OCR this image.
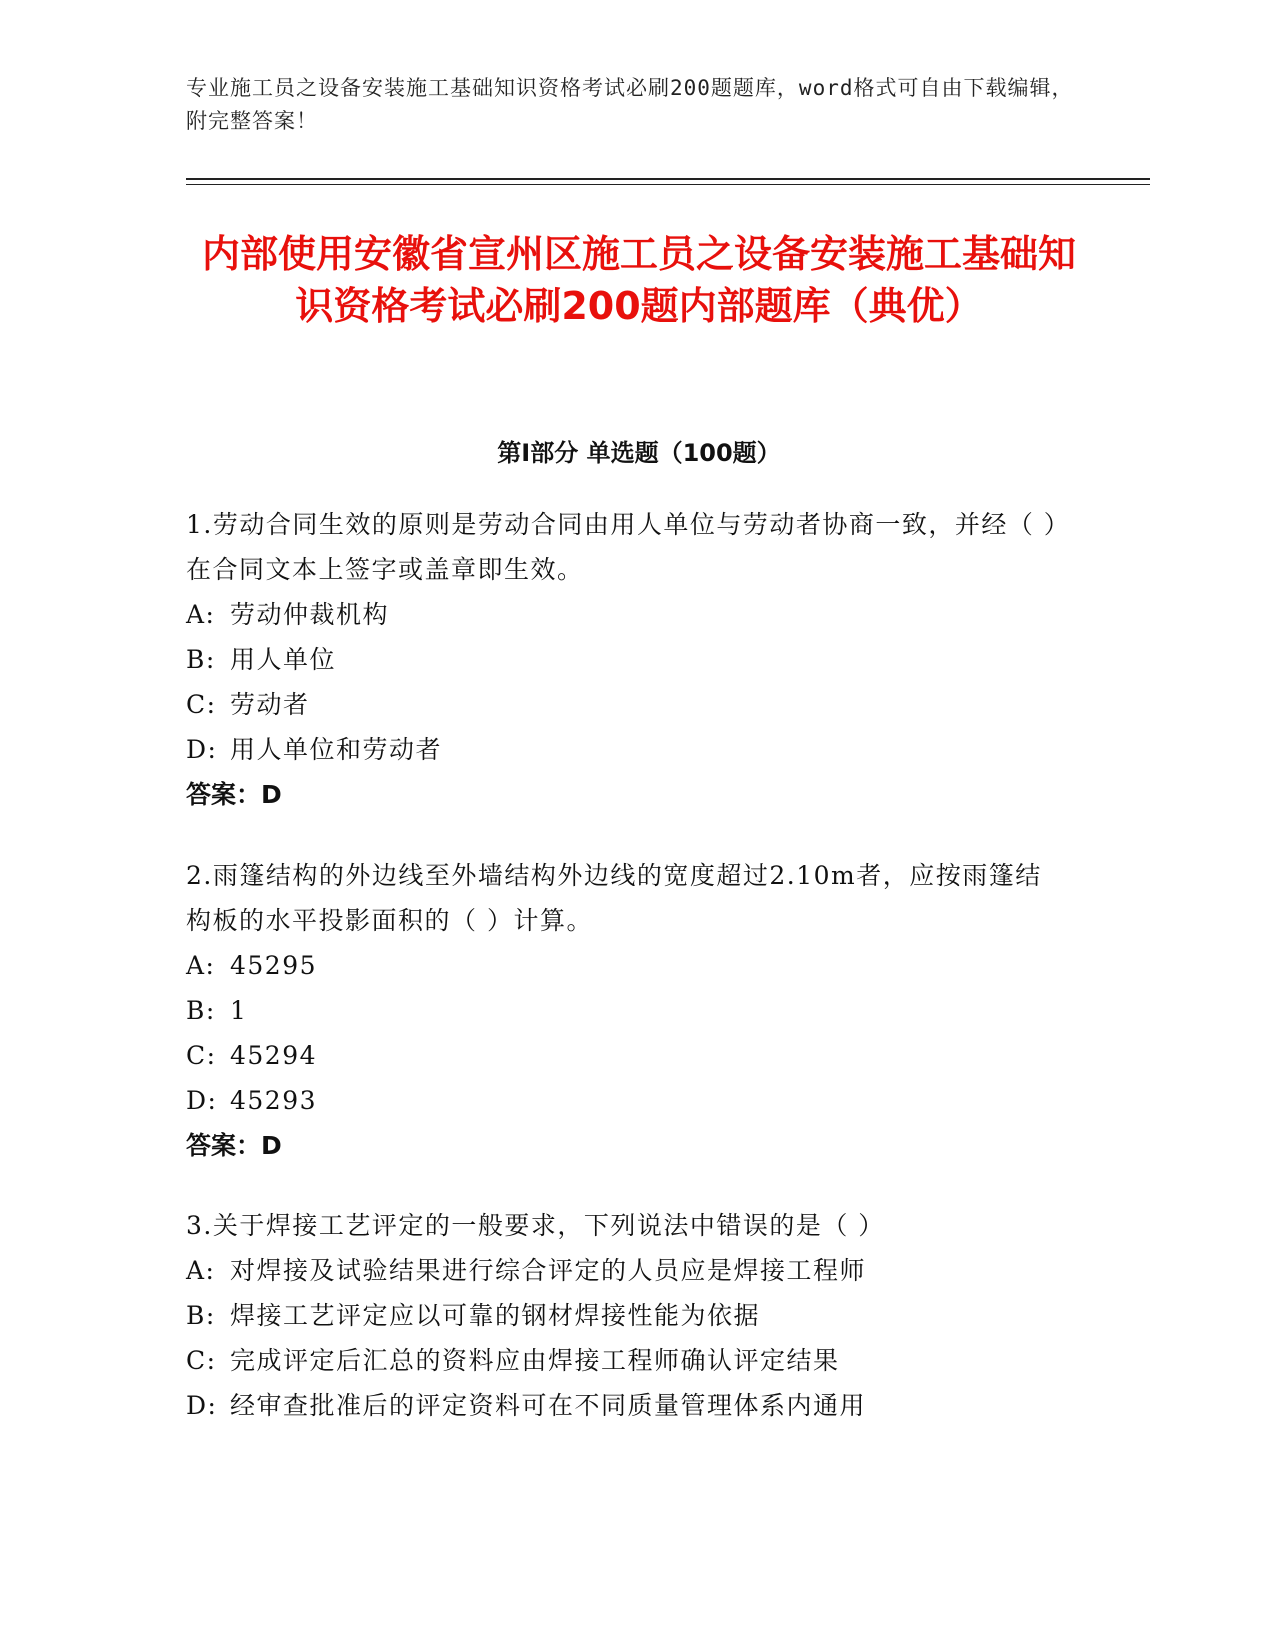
专业施工员之设备安装施工基础知识资格考试必刷200题题库，word格式可自由下载编辑，附完整答案！
内部使用安徽省宣州区施工员之设备安装施工基础知识资格考试必刷200题内部题库（典优）
第Ⅰ部分 单选题（100题）

1.劳动合同生效的原则是劳动合同由用人单位与劳动者协商一致，并经（ ）在合同文本上签字或盖章即生效。

A: 劳动仲裁机构

B: 用人单位

C: 劳动者

D: 用人单位和劳动者

答案：D

2.雨篷结构的外边线至外墙结构外边线的宽度超过2.10m者，应按雨篷结构板的水平投影面积的（ ）计算。

A: 45295

B: 1

C: 45294

D: 45293

答案：D

3.关于焊接工艺评定的一般要求，下列说法中错误的是（ ）

A: 对焊接及试验结果进行综合评定的人员应是焊接工程师

B: 焊接工艺评定应以可靠的钢材焊接性能为依据

C: 完成评定后汇总的资料应由焊接工程师确认评定结果

D: 经审查批准后的评定资料可在不同质量管理体系内通用
